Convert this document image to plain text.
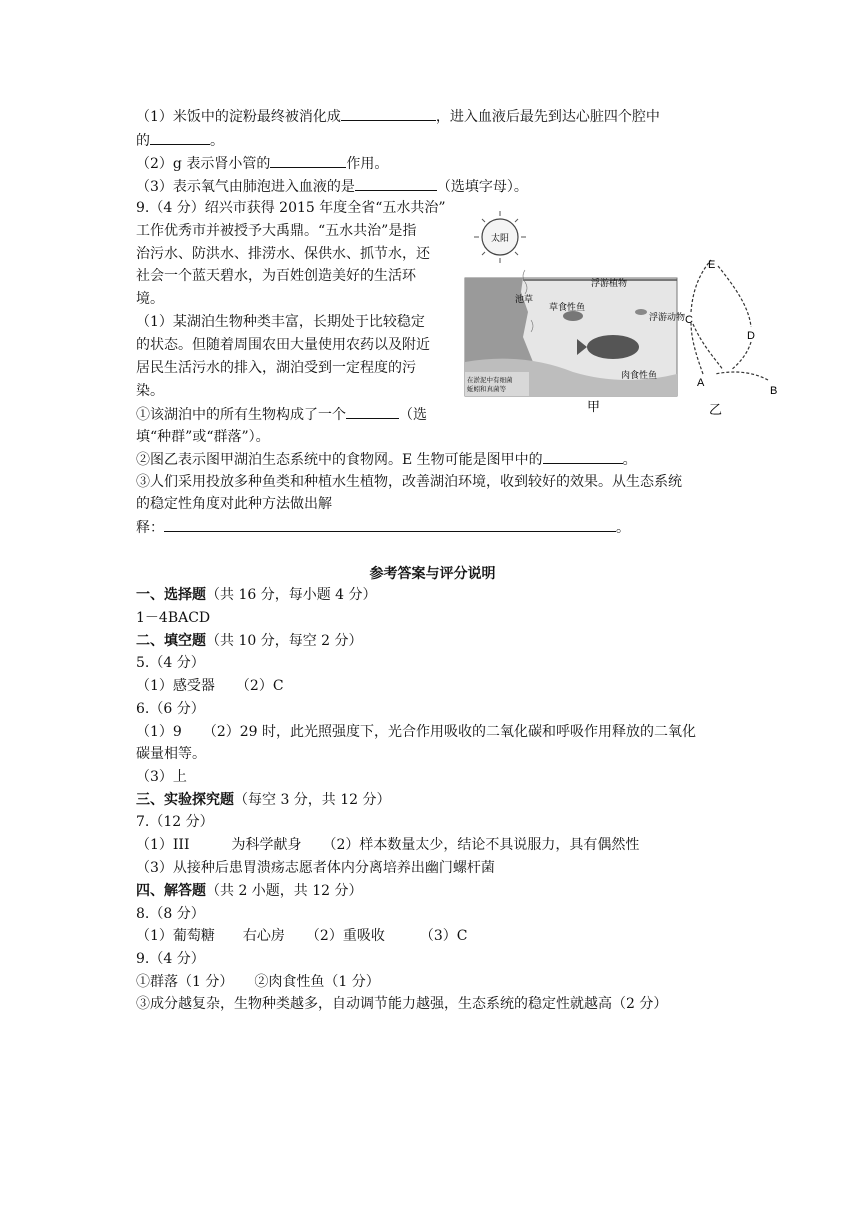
（1）米饭中的淀粉最终被消化成	，进入血液后最先到达心脏四个腔中
的	。
（2）g 表示肾小管的	作用。
（3）表示氧气由肺泡进入血液的是	（选填字母）。
9.（4 分）绍兴市获得 2015 年度全省“五水共治”
工作优秀市并被授予大禹鼎。“五水共治”是指
治污水、防洪水、排涝水、保供水、抓节水，还
社会一个蓝天碧水，为百姓创造美好的生活环
境。
（1）某湖泊生物种类丰富，长期处于比较稳定
的状态。但随着周围农田大量使用农药以及附近
居民生活污水的排入，湖泊受到一定程度的污
染。
①该湖泊中的所有生物构成了一个	（选
填“种群”或“群落”）。
②图乙表示图甲湖泊生态系统中的食物网。E 生物可能是图甲中的	。
③人们采用投放多种鱼类和种植水生植物，改善湖泊环境，收到较好的效果。从生态系统
的稳定性角度对此种方法做出解
释：	。
太阳
浮游植物
池草
草食性鱼
浮游动物
肉食性鱼
在淤泥中有细菌
蚯蚓和真菌等
甲
E
C
D
A
B
乙
参考答案与评分说明
一、选择题（共 16 分，每小题 4 分）
1－4BACD
二、填空题（共 10 分，每空 2 分）
5.（4 分）
（1）感受器　　（2）C
6.（6 分）
（1）9　　（2）29 时，此光照强度下，光合作用吸收的二氧化碳和呼吸作用释放的二氧化
碳量相等。
（3）上
三、实验探究题（每空 3 分，共 12 分）
7.（12 分）
（1）III　　　为科学献身　　（2）样本数量太少，结论不具说服力，具有偶然性
（3）从接种后患胃溃疡志愿者体内分离培养出幽门螺杆菌
四、解答题（共 2 小题，共 12 分）
8.（8 分）
（1）葡萄糖　　右心房　　（2）重吸收　　　（3）C
9.（4 分）
①群落（1 分）　　②肉食性鱼（1 分）
③成分越复杂，生物种类越多，自动调节能力越强，生态系统的稳定性就越高（2 分）
